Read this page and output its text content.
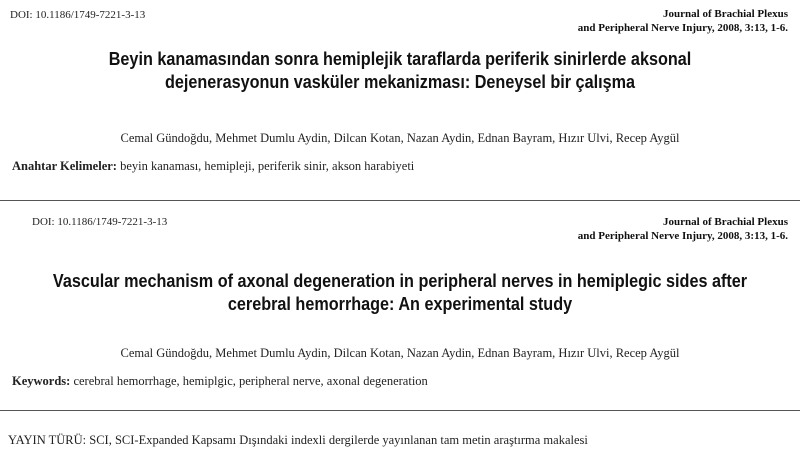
DOI: 10.1186/1749-7221-3-13	Journal of Brachial Plexus
and Peripheral Nerve Injury, 2008, 3:13, 1-6.
Beyin kanamasından sonra hemiplejik taraflarda periferik sinirlerde aksonal
dejenerasyonun vasküler mekanizması: Deneysel bir çalışma
Cemal Gündoğdu, Mehmet Dumlu Aydin, Dilcan Kotan, Nazan Aydin, Ednan Bayram, Hızır Ulvi, Recep Aygül
Anahtar Kelimeler: beyin kanaması, hemipleji, periferik sinir, akson harabiyeti
DOI: 10.1186/1749-7221-3-13	Journal of Brachial Plexus
and Peripheral Nerve Injury, 2008, 3:13, 1-6.
Vascular mechanism of axonal degeneration in peripheral nerves in hemiplegic sides after
cerebral hemorrhage: An experimental study
Cemal Gündoğdu, Mehmet Dumlu Aydin, Dilcan Kotan, Nazan Aydin, Ednan Bayram, Hızır Ulvi, Recep Aygül
Keywords: cerebral hemorrhage, hemiplgic, peripheral nerve, axonal degeneration
YAYIN TÜRÜ: SCI, SCI-Expanded Kapsamı Dışındaki indexli dergilerde yayınlanan tam metin araştırma makalesi
